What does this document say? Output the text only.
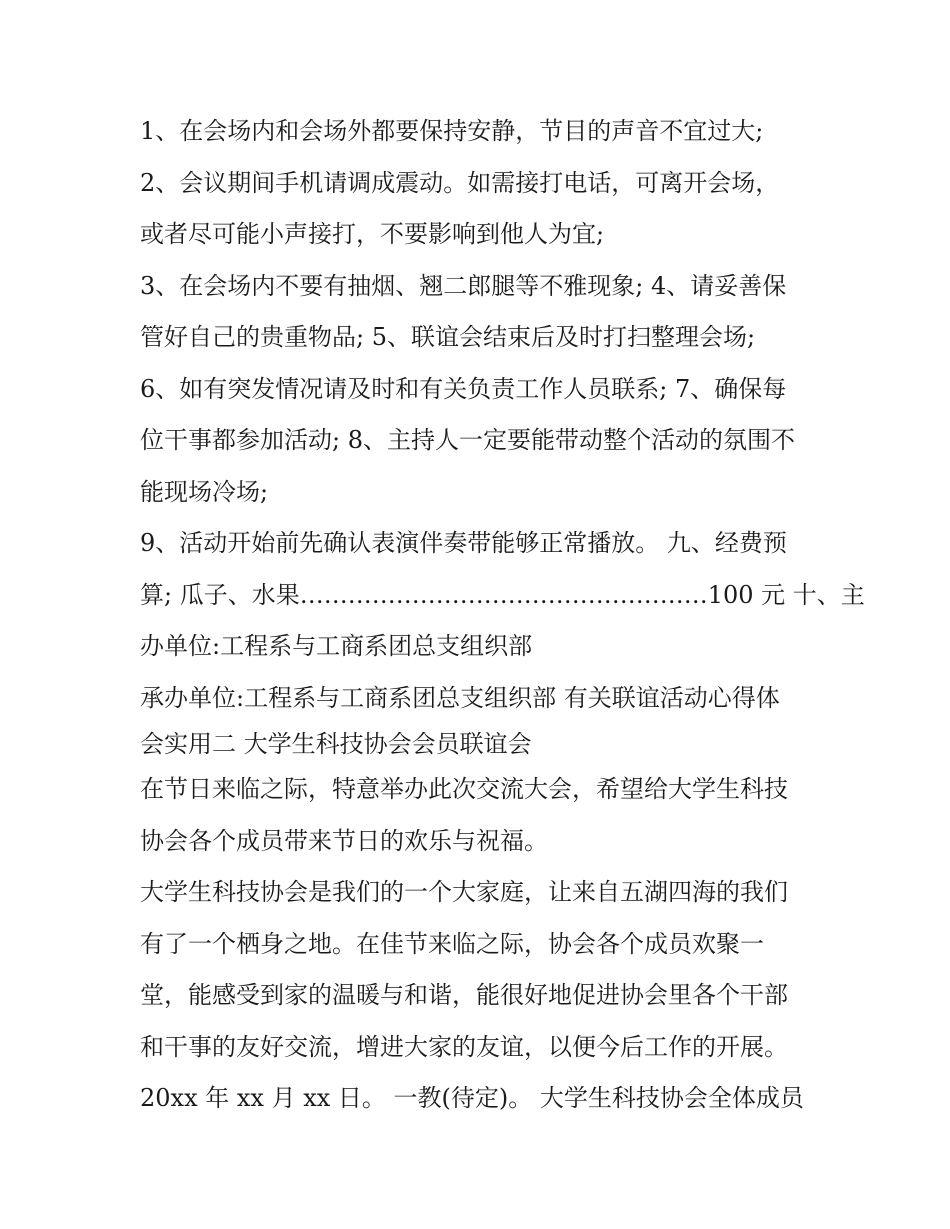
1、在会场内和会场外都要保持安静，节目的声音不宜过大;
2、会议期间手机请调成震动。如需接打电话，可离开会场，
或者尽可能小声接打，不要影响到他人为宜;
3、在会场内不要有抽烟、翘二郎腿等不雅现象; 4、请妥善保
管好自己的贵重物品; 5、联谊会结束后及时打扫整理会场;
6、如有突发情况请及时和有关负责工作人员联系; 7、确保每
位干事都参加活动; 8、主持人一定要能带动整个活动的氛围不
能现场冷场;
9、活动开始前先确认表演伴奏带能够正常播放。 九、经费预
算; 瓜子、水果……………………………………………100 元 十、主
办单位:工程系与工商系团总支组织部
承办单位:工程系与工商系团总支组织部 有关联谊活动心得体
会实用二 大学生科技协会会员联谊会
在节日来临之际，特意举办此次交流大会，希望给大学生科技
协会各个成员带来节日的欢乐与祝福。
大学生科技协会是我们的一个大家庭，让来自五湖四海的我们
有了一个栖身之地。在佳节来临之际，协会各个成员欢聚一
堂，能感受到家的温暖与和谐，能很好地促进协会里各个干部
和干事的友好交流，增进大家的友谊，以便今后工作的开展。
20xx 年 xx 月 xx 日。 一教(待定)。 大学生科技协会全体成员
